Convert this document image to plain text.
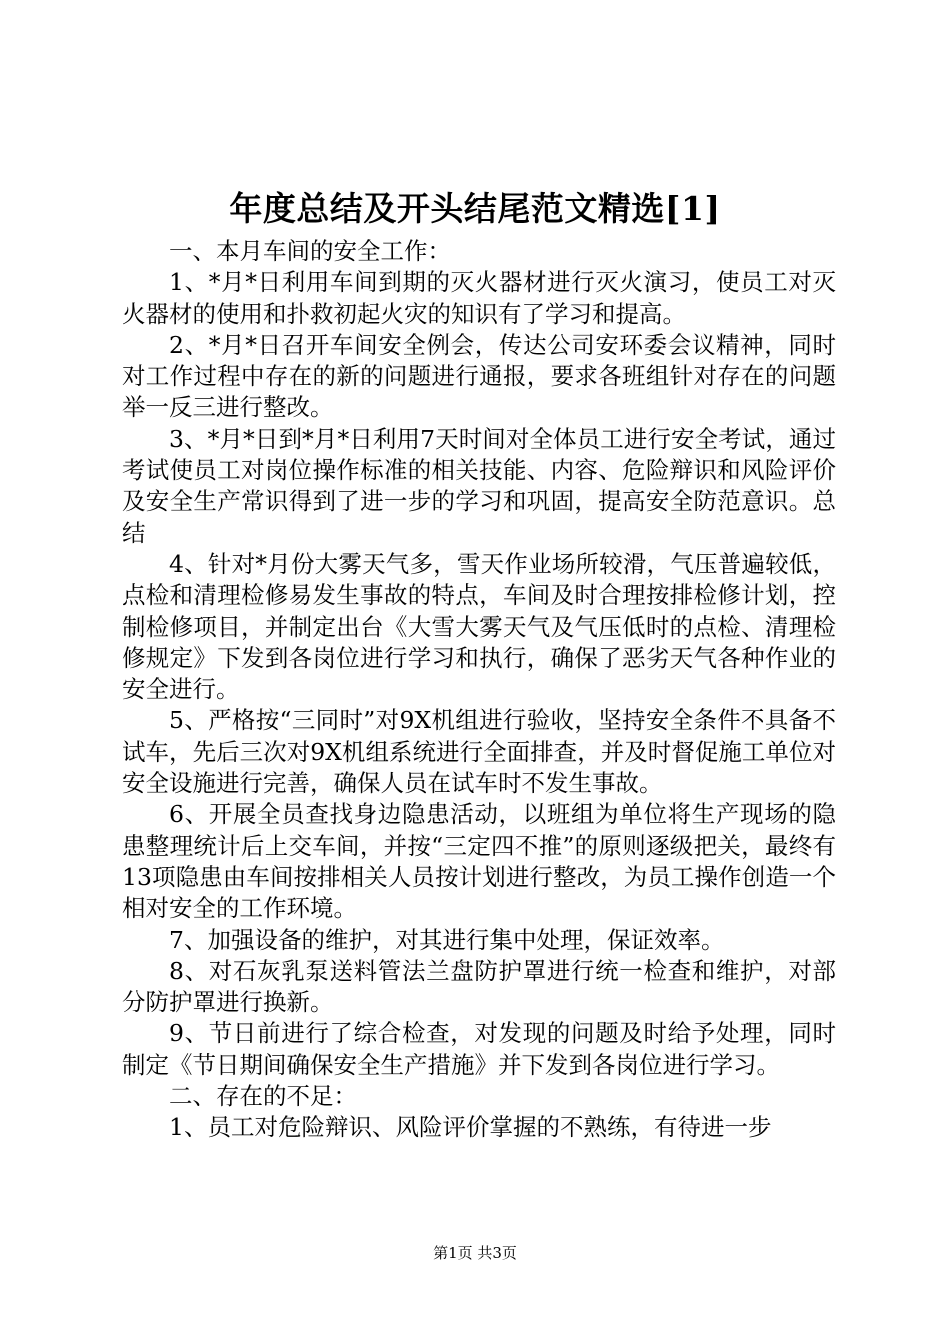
年度总结及开头结尾范文精选[1]

一、本月车间的安全工作：

1、*月*日利用车间到期的灭火器材进行灭火演习，使员工对灭火器材的使用和扑救初起火灾的知识有了学习和提高。

2、*月*日召开车间安全例会，传达公司安环委会议精神，同时对工作过程中存在的新的问题进行通报，要求各班组针对存在的问题举一反三进行整改。

3、*月*日到*月*日利用7天时间对全体员工进行安全考试，通过考试使员工对岗位操作标准的相关技能、内容、危险辩识和风险评价及安全生产常识得到了进一步的学习和巩固，提高安全防范意识。总结

4、针对*月份大雾天气多，雪天作业场所较滑，气压普遍较低，点检和清理检修易发生事故的特点，车间及时合理按排检修计划，控制检修项目，并制定出台《大雪大雾天气及气压低时的点检、清理检修规定》下发到各岗位进行学习和执行，确保了恶劣天气各种作业的安全进行。

5、严格按“三同时”对9X机组进行验收，坚持安全条件不具备不试车，先后三次对9X机组系统进行全面排查，并及时督促施工单位对安全设施进行完善，确保人员在试车时不发生事故。

6、开展全员查找身边隐患活动，以班组为单位将生产现场的隐患整理统计后上交车间，并按“三定四不推”的原则逐级把关，最终有13项隐患由车间按排相关人员按计划进行整改，为员工操作创造一个相对安全的工作环境。

7、加强设备的维护，对其进行集中处理，保证效率。

8、对石灰乳泵送料管法兰盘防护罩进行统一检查和维护，对部分防护罩进行换新。

9、节日前进行了综合检查，对发现的问题及时给予处理，同时制定《节日期间确保安全生产措施》并下发到各岗位进行学习。

二、存在的不足：

1、员工对危险辩识、风险评价掌握的不熟练，有待进一步

第1页 共3页
